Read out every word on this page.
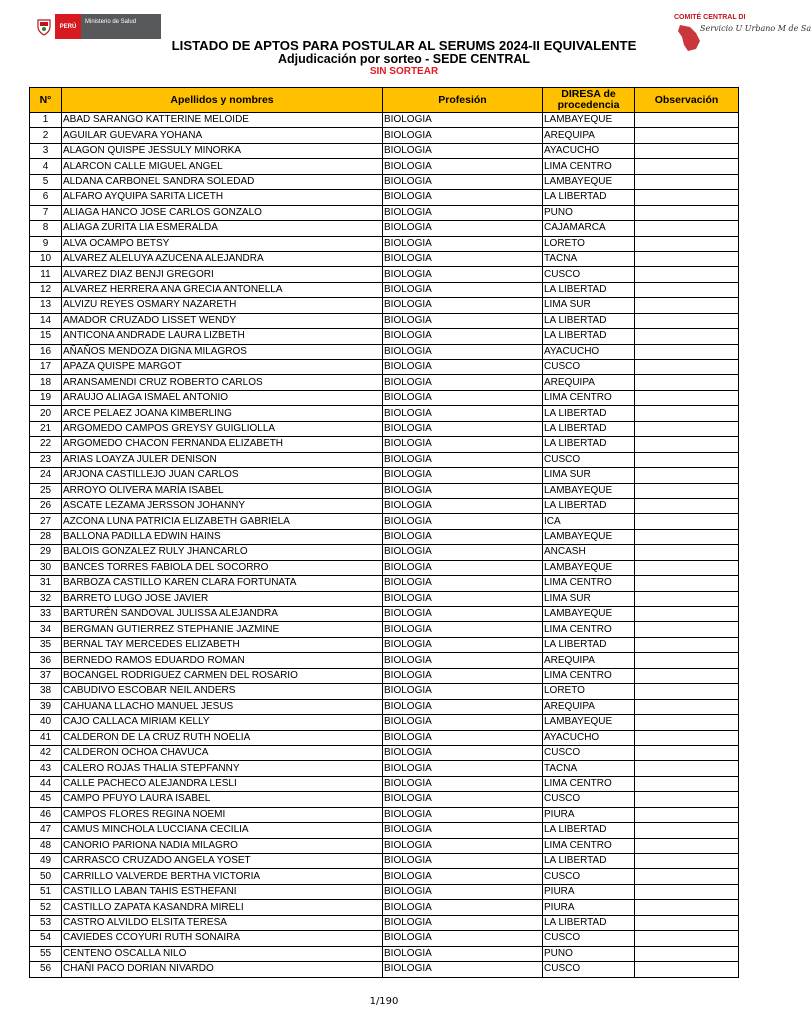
PERÚ
Ministerio de Salud
COMITÉ CENTRAL DI
Servicio U Urbano M de Sa
LISTADO DE APTOS PARA POSTULAR AL SERUMS 2024-II EQUIVALENTE
Adjudicación por sorteo - SEDE CENTRAL
SIN SORTEAR
N°	Apellidos y nombres	Profesión	DIRESA de procedencia	Observación
1	ABAD SARANGO KATTERINE MELOIDE	BIOLOGIA	LAMBAYEQUE	
2	AGUILAR GUEVARA YOHANA	BIOLOGIA	AREQUIPA	
3	ALAGON QUISPE JESSULY MINORKA	BIOLOGIA	AYACUCHO	
4	ALARCON CALLE MIGUEL ANGEL	BIOLOGIA	LIMA CENTRO	
5	ALDANA CARBONEL SANDRA SOLEDAD	BIOLOGIA	LAMBAYEQUE	
6	ALFARO AYQUIPA SARITA LICETH	BIOLOGIA	LA LIBERTAD	
7	ALIAGA HANCO JOSE CARLOS GONZALO	BIOLOGIA	PUNO	
8	ALIAGA ZURITA LIA ESMERALDA	BIOLOGIA	CAJAMARCA	
9	ALVA OCAMPO BETSY	BIOLOGIA	LORETO	
10	ALVAREZ ALELUYA AZUCENA ALEJANDRA	BIOLOGIA	TACNA	
11	ALVAREZ DIAZ BENJI GREGORI	BIOLOGIA	CUSCO	
12	ALVAREZ HERRERA ANA GRECIA ANTONELLA	BIOLOGIA	LA LIBERTAD	
13	ALVIZU REYES OSMARY NAZARETH	BIOLOGIA	LIMA SUR	
14	AMADOR CRUZADO LISSET WENDY	BIOLOGIA	LA LIBERTAD	
15	ANTICONA ANDRADE LAURA LIZBETH	BIOLOGIA	LA LIBERTAD	
16	AÑAÑOS MENDOZA DIGNA MILAGROS	BIOLOGIA	AYACUCHO	
17	APAZA QUISPE MARGOT	BIOLOGIA	CUSCO	
18	ARANSAMENDI CRUZ ROBERTO CARLOS	BIOLOGIA	AREQUIPA	
19	ARAUJO ALIAGA ISMAEL ANTONIO	BIOLOGIA	LIMA CENTRO	
20	ARCE PELAEZ JOANA KIMBERLING	BIOLOGIA	LA LIBERTAD	
21	ARGOMEDO CAMPOS GREYSY GUIGLIOLLA	BIOLOGIA	LA LIBERTAD	
22	ARGOMEDO CHACON FERNANDA ELIZABETH	BIOLOGIA	LA LIBERTAD	
23	ARIAS LOAYZA JULER DENISON	BIOLOGIA	CUSCO	
24	ARJONA CASTILLEJO JUAN CARLOS	BIOLOGIA	LIMA SUR	
25	ARROYO OLIVERA MARÍA ISABEL	BIOLOGIA	LAMBAYEQUE	
26	ASCATE LEZAMA JERSSON JOHANNY	BIOLOGIA	LA LIBERTAD	
27	AZCONA LUNA PATRICIA ELIZABETH GABRIELA	BIOLOGIA	ICA	
28	BALLONA PADILLA EDWIN HAINS	BIOLOGIA	LAMBAYEQUE	
29	BALOIS GONZALEZ RULY JHANCARLO	BIOLOGIA	ANCASH	
30	BANCES TORRES FABIOLA DEL SOCORRO	BIOLOGIA	LAMBAYEQUE	
31	BARBOZA CASTILLO KAREN CLARA FORTUNATA	BIOLOGIA	LIMA CENTRO	
32	BARRETO LUGO JOSE JAVIER	BIOLOGIA	LIMA SUR	
33	BARTURÉN SANDOVAL JULISSA ALEJANDRA	BIOLOGIA	LAMBAYEQUE	
34	BERGMAN GUTIERREZ STEPHANIE JAZMINE	BIOLOGIA	LIMA CENTRO	
35	BERNAL TAY MERCEDES ELIZABETH	BIOLOGIA	LA LIBERTAD	
36	BERNEDO RAMOS EDUARDO ROMAN	BIOLOGIA	AREQUIPA	
37	BOCANGEL RODRIGUEZ CARMEN DEL ROSARIO	BIOLOGIA	LIMA CENTRO	
38	CABUDIVO ESCOBAR NEIL ANDERS	BIOLOGIA	LORETO	
39	CAHUANA LLACHO MANUEL JESUS	BIOLOGIA	AREQUIPA	
40	CAJO CALLACA MIRIAM KELLY	BIOLOGIA	LAMBAYEQUE	
41	CALDERON DE LA CRUZ RUTH NOELIA	BIOLOGIA	AYACUCHO	
42	CALDERON OCHOA CHAVUCA	BIOLOGIA	CUSCO	
43	CALERO ROJAS THALIA STEPFANNY	BIOLOGIA	TACNA	
44	CALLE PACHECO ALEJANDRA LESLI	BIOLOGIA	LIMA CENTRO	
45	CAMPO PFUYO LAURA ISABEL	BIOLOGIA	CUSCO	
46	CAMPOS FLORES REGINA NOEMI	BIOLOGIA	PIURA	
47	CAMUS MINCHOLA LUCCIANA CECILIA	BIOLOGIA	LA LIBERTAD	
48	CANORIO PARIONA NADIA MILAGRO	BIOLOGIA	LIMA CENTRO	
49	CARRASCO CRUZADO ANGELA YOSET	BIOLOGIA	LA LIBERTAD	
50	CARRILLO VALVERDE BERTHA VICTORIA	BIOLOGIA	CUSCO	
51	CASTILLO LABAN TAHIS ESTHEFANI	BIOLOGIA	PIURA	
52	CASTILLO ZAPATA KASANDRA MIRELI	BIOLOGIA	PIURA	
53	CASTRO ALVILDO ELSITA TERESA	BIOLOGIA	LA LIBERTAD	
54	CAVIEDES CCOYURI RUTH SONAIRA	BIOLOGIA	CUSCO	
55	CENTENO OSCALLA NILO	BIOLOGIA	PUNO	
56	CHAÑI PACO DORIAN NIVARDO	BIOLOGIA	CUSCO	
1/190
